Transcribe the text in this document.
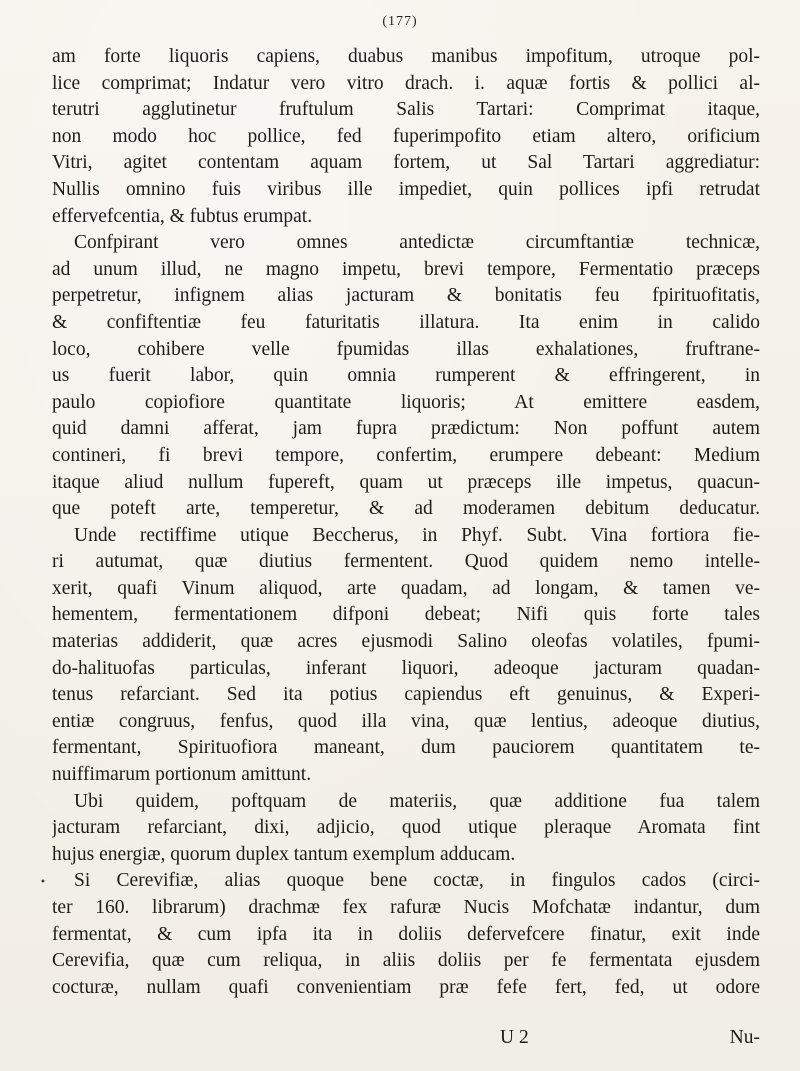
(177)
am forte liquoris capiens, duabus manibus impofitum, utroque pol-
lice comprimat; Indatur vero vitro drach. i. aquæ fortis & pollici al-
terutri agglutinetur fruftulum Salis Tartari: Comprimat itaque,
non modo hoc pollice, fed fuperimpofito etiam altero, orificium
Vitri, agitet contentam aquam fortem, ut Sal Tartari aggrediatur:
Nullis omnino fuis viribus ille impediet, quin pollices ipfi retrudat
effervefcentia, & fubtus erumpat.
Confpirant vero omnes antedictæ circumftantiæ technicæ,
ad unum illud, ne magno impetu, brevi tempore, Fermentatio præceps
perpetretur, infignem alias jacturam & bonitatis feu fpirituofitatis,
& confiftentiæ feu faturitatis illatura. Ita enim in calido
loco, cohibere velle fpumidas illas exhalationes, fruftrane-
us fuerit labor, quin omnia rumperent & effringerent, in
paulo copiofiore quantitate liquoris; At emittere easdem,
quid damni afferat, jam fupra prædictum: Non poffunt autem
contineri, fi brevi tempore, confertim, erumpere debeant: Medium
itaque aliud nullum fupereft, quam ut præceps ille impetus, quacun-
que poteft arte, temperetur, & ad moderamen debitum deducatur.
Unde rectiffime utique Beccherus, in Phyf. Subt. Vina fortiora fie-
ri autumat, quæ diutius fermentent. Quod quidem nemo intelle-
xerit, quafi Vinum aliquod, arte quadam, ad longam, & tamen ve-
hementem, fermentationem difponi debeat; Nifi quis forte tales
materias addiderit, quæ acres ejusmodi Salino oleofas volatiles, fpumi-
do-halituofas particulas, inferant liquori, adeoque jacturam quadan-
tenus refarciant. Sed ita potius capiendus eft genuinus, & Experi-
entiæ congruus, fenfus, quod illa vina, quæ lentius, adeoque diutius,
fermentant, Spirituofiora maneant, dum pauciorem quantitatem te-
nuiffimarum portionum amittunt.
Ubi quidem, poftquam de materiis, quæ additione fua talem
jacturam refarciant, dixi, adjicio, quod utique pleraque Aromata fint
hujus energiæ, quorum duplex tantum exemplum adducam.
Si Cerevifiæ, alias quoque bene coctæ, in fingulos cados (circi-
ter 160. librarum) drachmæ fex rafuræ Nucis Mofchatæ indantur, dum
fermentat, & cum ipfa ita in doliis defervefcere finatur, exit inde
Cerevifia, quæ cum reliqua, in aliis doliis per fe fermentata ejusdem
cocturæ, nullam quafi convenientiam præ fefe fert, fed, ut odore
•
U 2	Nu-
